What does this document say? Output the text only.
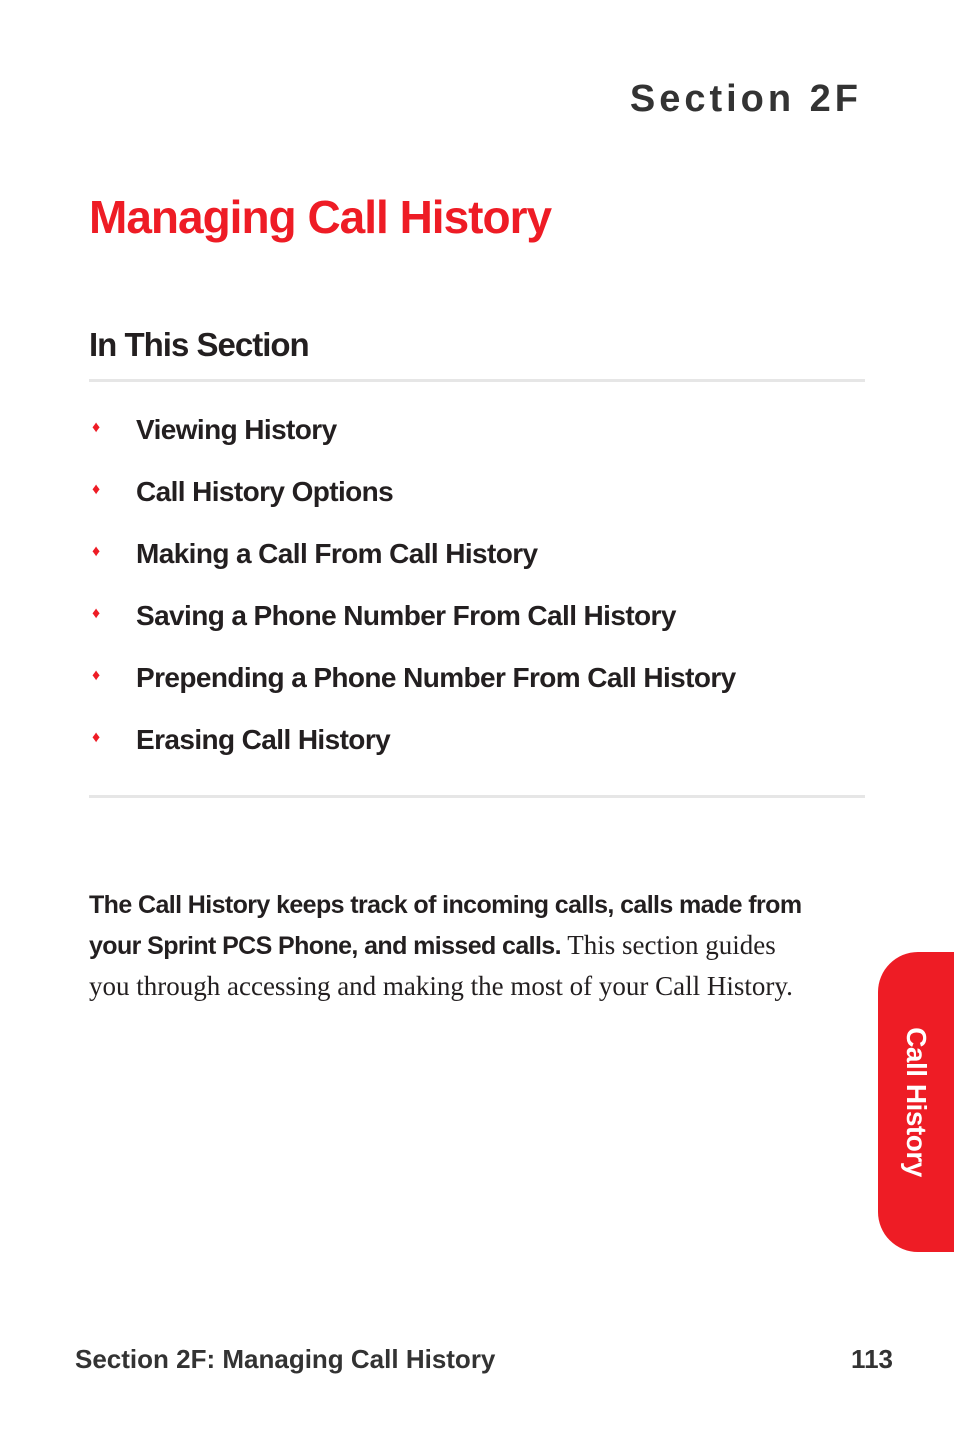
Section 2F
Managing Call History
In This Section
♦	Viewing History
♦	Call History Options
♦	Making a Call From Call History
♦	Saving a Phone Number From Call History
♦	Prepending a Phone Number From Call History
♦	Erasing Call History

The Call History keeps track of incoming calls, calls made from your Sprint PCS Phone, and missed calls. This section guides you through accessing and making the most of your Call History.

Call History
Section 2F: Managing Call History	113
